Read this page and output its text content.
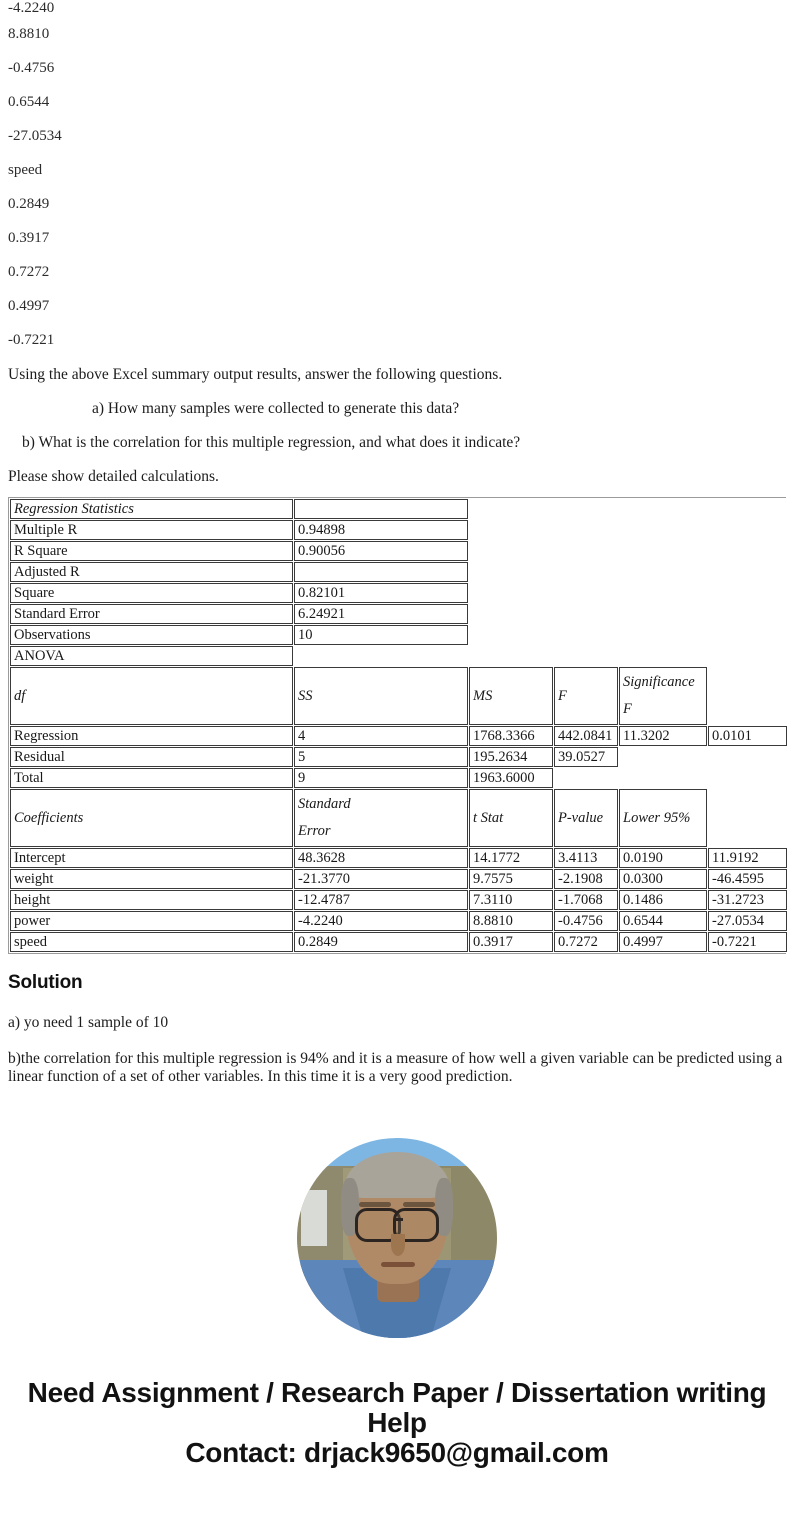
-4.2240
8.8810
-0.4756
0.6544
-27.0534
speed
0.2849
0.3917
0.7272
0.4997
-0.7221
Using the above Excel summary output results, answer the following questions.
a) How many samples were collected to generate this data?
b) What is the correlation for this multiple regression, and what does it indicate?
Please show detailed calculations.
Regression Statistics					
Multiple R	0.94898				
R Square	0.90056				
Adjusted R					
Square	0.82101				
Standard Error	6.24921				
Observations	10				
ANOVA					
df	SS	MS	F	Significance
F	
Regression	4	1768.3366	442.0841	11.3202	0.0101
Residual	5	195.2634	39.0527		
Total	9	1963.6000			
Coefficients	Standard
Error	t Stat	P-value	Lower 95%	
Intercept	48.3628	14.1772	3.4113	0.0190	11.9192
weight	-21.3770	9.7575	-2.1908	0.0300	-46.4595
height	-12.4787	7.3110	-1.7068	0.1486	-31.2723
power	-4.2240	8.8810	-0.4756	0.6544	-27.0534
speed	0.2849	0.3917	0.7272	0.4997	-0.7221
Solution

a) yo need 1 sample of 10

b)the correlation for this multiple regression is 94% and it is a measure of how well a given variable can be predicted using a linear function of a set of other variables. In this time it is a very good prediction.

Need Assignment / Research Paper / Dissertation writing Help
Contact: drjack9650@gmail.com
